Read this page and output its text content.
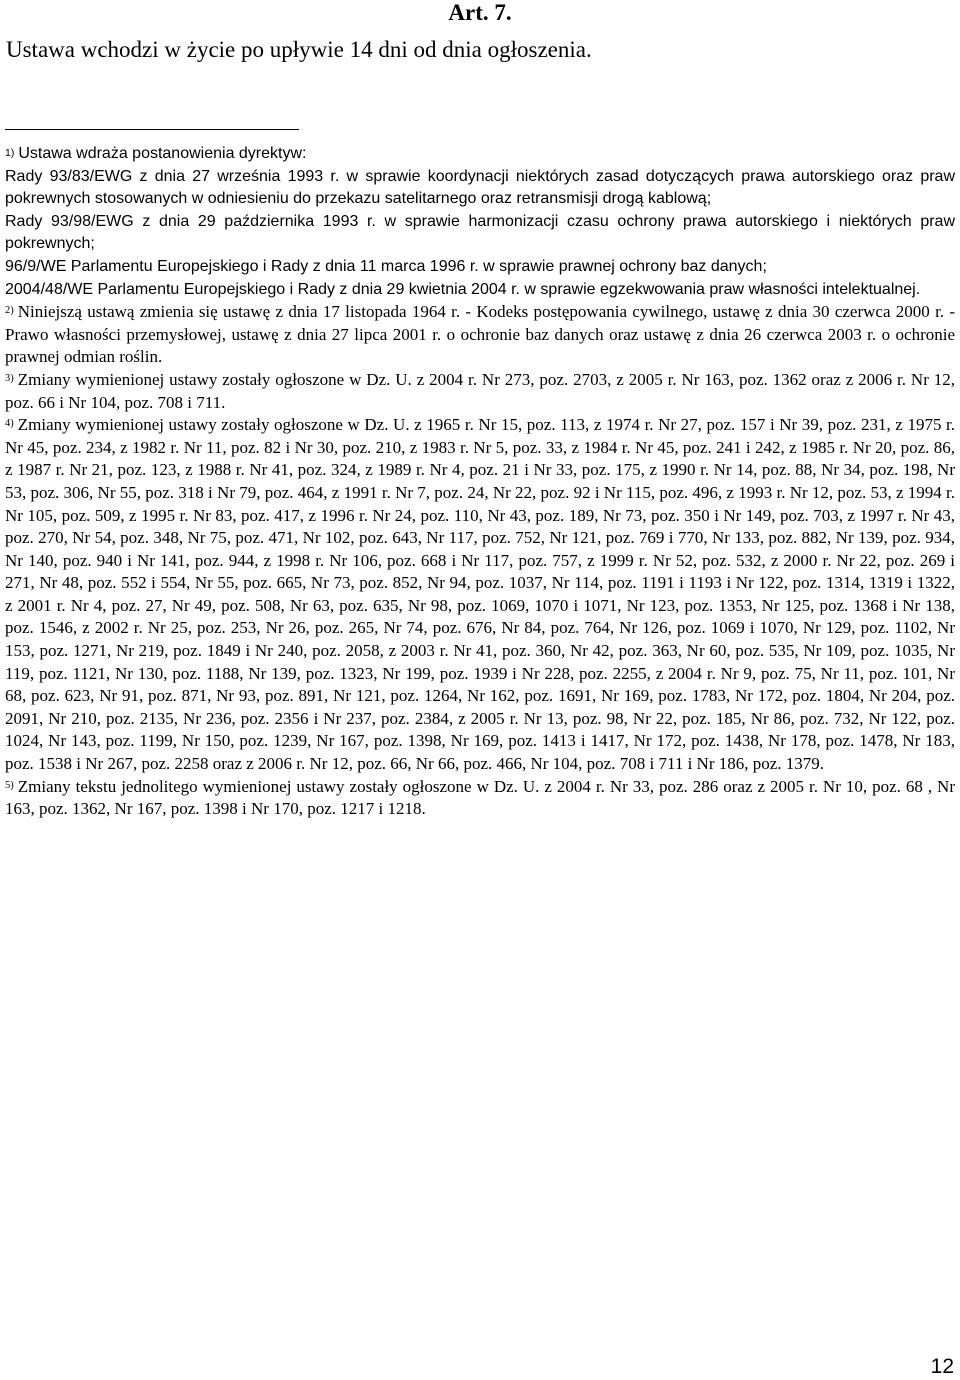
Art. 7.
Ustawa wchodzi w życie po upływie 14 dni od dnia ogłoszenia.

$^{1)}$ Ustawa wdraża postanowienia dyrektyw:

Rady 93/83/EWG z dnia 27 września 1993 r. w sprawie koordynacji niektórych zasad dotyczących prawa autorskiego oraz praw pokrewnych stosowanych w odniesieniu do przekazu satelitarnego oraz retransmisji drogą kablową;

Rady 93/98/EWG z dnia 29 października 1993 r. w sprawie harmonizacji czasu ochrony prawa autorskiego i niektórych praw pokrewnych;

96/9/WE Parlamentu Europejskiego i Rady z dnia 11 marca 1996 r. w sprawie prawnej ochrony baz danych;

2004/48/WE Parlamentu Europejskiego i Rady z dnia 29 kwietnia 2004 r. w sprawie egzekwowania praw własności intelektualnej.

$^{2)}$ Niniejszą ustawą zmienia się ustawę z dnia 17 listopada 1964 r. - Kodeks postępowania cywilnego, ustawę z dnia 30 czerwca 2000 r. - Prawo własności przemysłowej, ustawę z dnia 27 lipca 2001 r. o ochronie baz danych oraz ustawę z dnia 26 czerwca 2003 r. o ochronie prawnej odmian roślin.

$^{3)}$ Zmiany wymienionej ustawy zostały ogłoszone w Dz. U. z 2004 r. Nr 273, poz. 2703, z 2005 r. Nr 163, poz. 1362 oraz z 2006 r. Nr 12, poz. 66 i Nr 104, poz. 708 i 711.

$^{4)}$ Zmiany wymienionej ustawy zostały ogłoszone w Dz. U. z 1965 r. Nr 15, poz. 113, z 1974 r. Nr 27, poz. 157 i Nr 39, poz. 231, z 1975 r. Nr 45, poz. 234, z 1982 r. Nr 11, poz. 82 i Nr 30, poz. 210, z 1983 r. Nr 5, poz. 33, z 1984 r. Nr 45, poz. 241 i 242, z 1985 r. Nr 20, poz. 86, z 1987 r. Nr 21, poz. 123, z 1988 r. Nr 41, poz. 324, z 1989 r. Nr 4, poz. 21 i Nr 33, poz. 175, z 1990 r. Nr 14, poz. 88, Nr 34, poz. 198, Nr 53, poz. 306, Nr 55, poz. 318 i Nr 79, poz. 464, z 1991 r. Nr 7, poz. 24, Nr 22, poz. 92 i Nr 115, poz. 496, z 1993 r. Nr 12, poz. 53, z 1994 r. Nr 105, poz. 509, z 1995 r. Nr 83, poz. 417, z 1996 r. Nr 24, poz. 110, Nr 43, poz. 189, Nr 73, poz. 350 i Nr 149, poz. 703, z 1997 r. Nr 43, poz. 270, Nr 54, poz. 348, Nr 75, poz. 471, Nr 102, poz. 643, Nr 117, poz. 752, Nr 121, poz. 769 i 770, Nr 133, poz. 882, Nr 139, poz. 934, Nr 140, poz. 940 i Nr 141, poz. 944, z 1998 r. Nr 106, poz. 668 i Nr 117, poz. 757, z 1999 r. Nr 52, poz. 532, z 2000 r. Nr 22, poz. 269 i 271, Nr 48, poz. 552 i 554, Nr 55, poz. 665, Nr 73, poz. 852, Nr 94, poz. 1037, Nr 114, poz. 1191 i 1193 i Nr 122, poz. 1314, 1319 i 1322, z 2001 r. Nr 4, poz. 27, Nr 49, poz. 508, Nr 63, poz. 635, Nr 98, poz. 1069, 1070 i 1071, Nr 123, poz. 1353, Nr 125, poz. 1368 i Nr 138, poz. 1546, z 2002 r. Nr 25, poz. 253, Nr 26, poz. 265, Nr 74, poz. 676, Nr 84, poz. 764, Nr 126, poz. 1069 i 1070, Nr 129, poz. 1102, Nr 153, poz. 1271, Nr 219, poz. 1849 i Nr 240, poz. 2058, z 2003 r. Nr 41, poz. 360, Nr 42, poz. 363, Nr 60, poz. 535, Nr 109, poz. 1035, Nr 119, poz. 1121, Nr 130, poz. 1188, Nr 139, poz. 1323, Nr 199, poz. 1939 i Nr 228, poz. 2255, z 2004 r. Nr 9, poz. 75, Nr 11, poz. 101, Nr 68, poz. 623, Nr 91, poz. 871, Nr 93, poz. 891, Nr 121, poz. 1264, Nr 162, poz. 1691, Nr 169, poz. 1783, Nr 172, poz. 1804, Nr 204, poz. 2091, Nr 210, poz. 2135, Nr 236, poz. 2356 i Nr 237, poz. 2384, z 2005 r. Nr 13, poz. 98, Nr 22, poz. 185, Nr 86, poz. 732, Nr 122, poz. 1024, Nr 143, poz. 1199, Nr 150, poz. 1239, Nr 167, poz. 1398, Nr 169, poz. 1413 i 1417, Nr 172, poz. 1438, Nr 178, poz. 1478, Nr 183, poz. 1538 i Nr 267, poz. 2258 oraz z 2006 r. Nr 12, poz. 66, Nr 66, poz. 466, Nr 104, poz. 708 i 711 i Nr 186, poz. 1379.

$^{5)}$ Zmiany tekstu jednolitego wymienionej ustawy zostały ogłoszone w Dz. U. z 2004 r. Nr 33, poz. 286 oraz z 2005 r. Nr 10, poz. 68 , Nr 163, poz. 1362, Nr 167, poz. 1398 i Nr 170, poz. 1217 i 1218.

12
